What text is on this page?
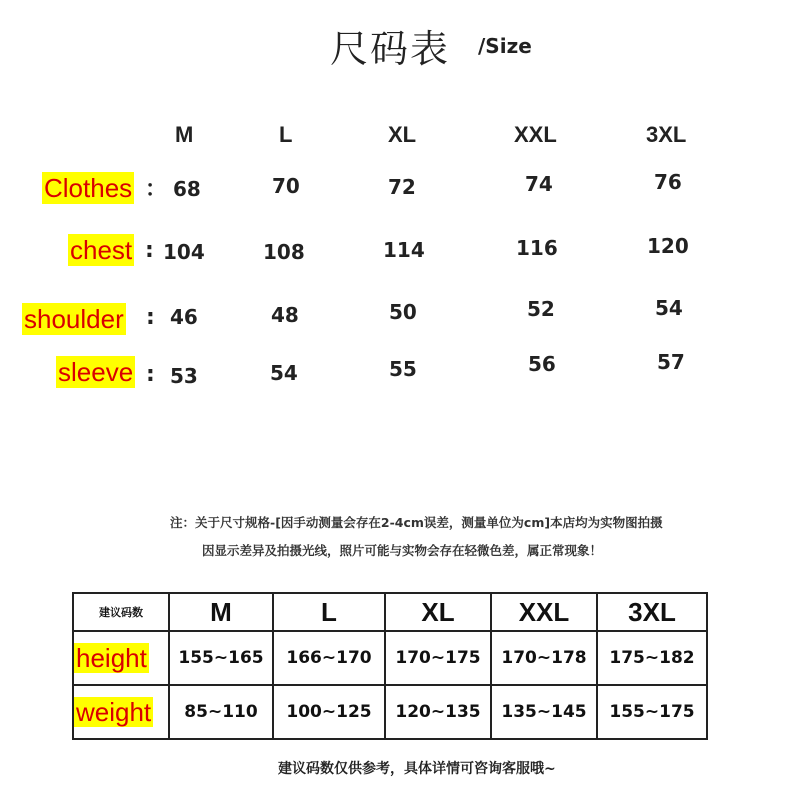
尺码表 /Size
M	L	XL	XXL	3XL
Clothes ： 68	70	72	74	76
chest : 104	108	114	116	120
shoulder : 46	48	50	52	54
sleeve : 53	54	55	56	57
注：关于尺寸规格-[因手动测量会存在2-4cm误差，测量单位为cm]本店均为实物图拍摄
因显示差异及拍摄光线，照片可能与实物会存在轻微色差，属正常现象！
建议码数	M	L	XL	XXL	3XL
height	155~165	166~170	170~175	170~178	175~182
weight	85~110	100~125	120~135	135~145	155~175
建议码数仅供参考，具体详情可咨询客服哦~
